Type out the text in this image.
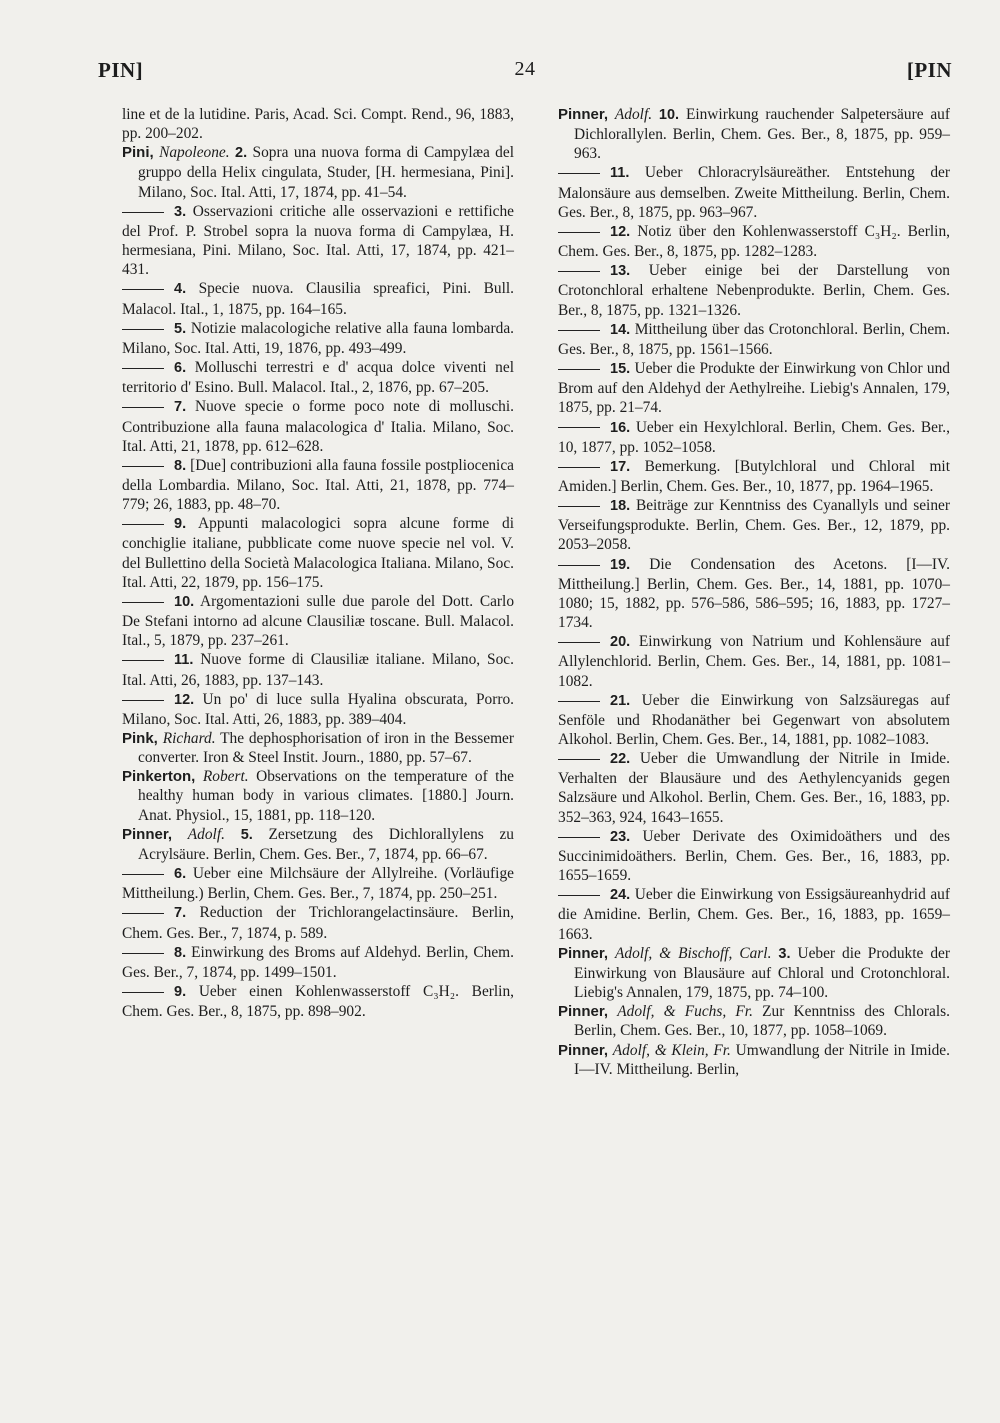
PIN]	24	[PIN

line et de la lutidine. Paris, Acad. Sci. Compt. Rend., 96, 1883, pp. 200–202.

Pini, Napoleone. 2. Sopra una nuova forma di Campylæa del gruppo della Helix cingulata, Studer, [H. hermesiana, Pini]. Milano, Soc. Ital. Atti, 17, 1874, pp. 41–54.

3. Osservazioni critiche alle osservazioni e rettifiche del Prof. P. Strobel sopra la nuova forma di Campylæa, H. hermesiana, Pini. Milano, Soc. Ital. Atti, 17, 1874, pp. 421–431.

4. Specie nuova. Clausilia spreafici, Pini. Bull. Malacol. Ital., 1, 1875, pp. 164–165.

5. Notizie malacologiche relative alla fauna lombarda. Milano, Soc. Ital. Atti, 19, 1876, pp. 493–499.

6. Molluschi terrestri e d' acqua dolce viventi nel territorio d' Esino. Bull. Malacol. Ital., 2, 1876, pp. 67–205.

7. Nuove specie o forme poco note di molluschi. Contribuzione alla fauna malacologica d' Italia. Milano, Soc. Ital. Atti, 21, 1878, pp. 612–628.

8. [Due] contribuzioni alla fauna fossile postpliocenica della Lombardia. Milano, Soc. Ital. Atti, 21, 1878, pp. 774–779; 26, 1883, pp. 48–70.

9. Appunti malacologici sopra alcune forme di conchiglie italiane, pubblicate come nuove specie nel vol. V. del Bullettino della Società Malacologica Italiana. Milano, Soc. Ital. Atti, 22, 1879, pp. 156–175.

10. Argomentazioni sulle due parole del Dott. Carlo De Stefani intorno ad alcune Clausiliæ toscane. Bull. Malacol. Ital., 5, 1879, pp. 237–261.

11. Nuove forme di Clausiliæ italiane. Milano, Soc. Ital. Atti, 26, 1883, pp. 137–143.

12. Un po' di luce sulla Hyalina obscurata, Porro. Milano, Soc. Ital. Atti, 26, 1883, pp. 389–404.

Pink, Richard. The dephosphorisation of iron in the Bessemer converter. Iron & Steel Instit. Journ., 1880, pp. 57–67.

Pinkerton, Robert. Observations on the temperature of the healthy human body in various climates. [1880.] Journ. Anat. Physiol., 15, 1881, pp. 118–120.

Pinner, Adolf. 5. Zersetzung des Dichlorallylens zu Acrylsäure. Berlin, Chem. Ges. Ber., 7, 1874, pp. 66–67.

6. Ueber eine Milchsäure der Allylreihe. (Vorläufige Mittheilung.) Berlin, Chem. Ges. Ber., 7, 1874, pp. 250–251.

7. Reduction der Trichlorangelactinsäure. Berlin, Chem. Ges. Ber., 7, 1874, p. 589.

8. Einwirkung des Broms auf Aldehyd. Berlin, Chem. Ges. Ber., 7, 1874, pp. 1499–1501.

9. Ueber einen Kohlenwasserstoff C₃H₂. Berlin, Chem. Ges. Ber., 8, 1875, pp. 898–902.

Pinner, Adolf. 10. Einwirkung rauchender Salpetersäure auf Dichlorallylen. Berlin, Chem. Ges. Ber., 8, 1875, pp. 959–963.

11. Ueber Chloracrylsäureäther. Entstehung der Malonsäure aus demselben. Zweite Mittheilung. Berlin, Chem. Ges. Ber., 8, 1875, pp. 963–967.

12. Notiz über den Kohlenwasserstoff C₃H₂. Berlin, Chem. Ges. Ber., 8, 1875, pp. 1282–1283.

13. Ueber einige bei der Darstellung von Crotonchloral erhaltene Nebenprodukte. Berlin, Chem. Ges. Ber., 8, 1875, pp. 1321–1326.

14. Mittheilung über das Crotonchloral. Berlin, Chem. Ges. Ber., 8, 1875, pp. 1561–1566.

15. Ueber die Produkte der Einwirkung von Chlor und Brom auf den Aldehyd der Aethylreihe. Liebig's Annalen, 179, 1875, pp. 21–74.

16. Ueber ein Hexylchloral. Berlin, Chem. Ges. Ber., 10, 1877, pp. 1052–1058.

17. Bemerkung. [Butylchloral und Chloral mit Amiden.] Berlin, Chem. Ges. Ber., 10, 1877, pp. 1964–1965.

18. Beiträge zur Kenntniss des Cyanallyls und seiner Verseifungsprodukte. Berlin, Chem. Ges. Ber., 12, 1879, pp. 2053–2058.

19. Die Condensation des Acetons. [I—IV. Mittheilung.] Berlin, Chem. Ges. Ber., 14, 1881, pp. 1070–1080; 15, 1882, pp. 576–586, 586–595; 16, 1883, pp. 1727–1734.

20. Einwirkung von Natrium und Kohlensäure auf Allylenchlorid. Berlin, Chem. Ges. Ber., 14, 1881, pp. 1081–1082.

21. Ueber die Einwirkung von Salzsäuregas auf Senföle und Rhodanäther bei Gegenwart von absolutem Alkohol. Berlin, Chem. Ges. Ber., 14, 1881, pp. 1082–1083.

22. Ueber die Umwandlung der Nitrile in Imide. Verhalten der Blausäure und des Aethylencyanids gegen Salzsäure und Alkohol. Berlin, Chem. Ges. Ber., 16, 1883, pp. 352–363, 924, 1643–1655.

23. Ueber Derivate des Oximidoäthers und des Succinimidoäthers. Berlin, Chem. Ges. Ber., 16, 1883, pp. 1655–1659.

24. Ueber die Einwirkung von Essigsäureanhydrid auf die Amidine. Berlin, Chem. Ges. Ber., 16, 1883, pp. 1659–1663.

Pinner, Adolf, & Bischoff, Carl. 3. Ueber die Produkte der Einwirkung von Blausäure auf Chloral und Crotonchloral. Liebig's Annalen, 179, 1875, pp. 74–100.

Pinner, Adolf, & Fuchs, Fr. Zur Kenntniss des Chlorals. Berlin, Chem. Ges. Ber., 10, 1877, pp. 1058–1069.

Pinner, Adolf, & Klein, Fr. Umwandlung der Nitrile in Imide. I—IV. Mittheilung. Berlin,
